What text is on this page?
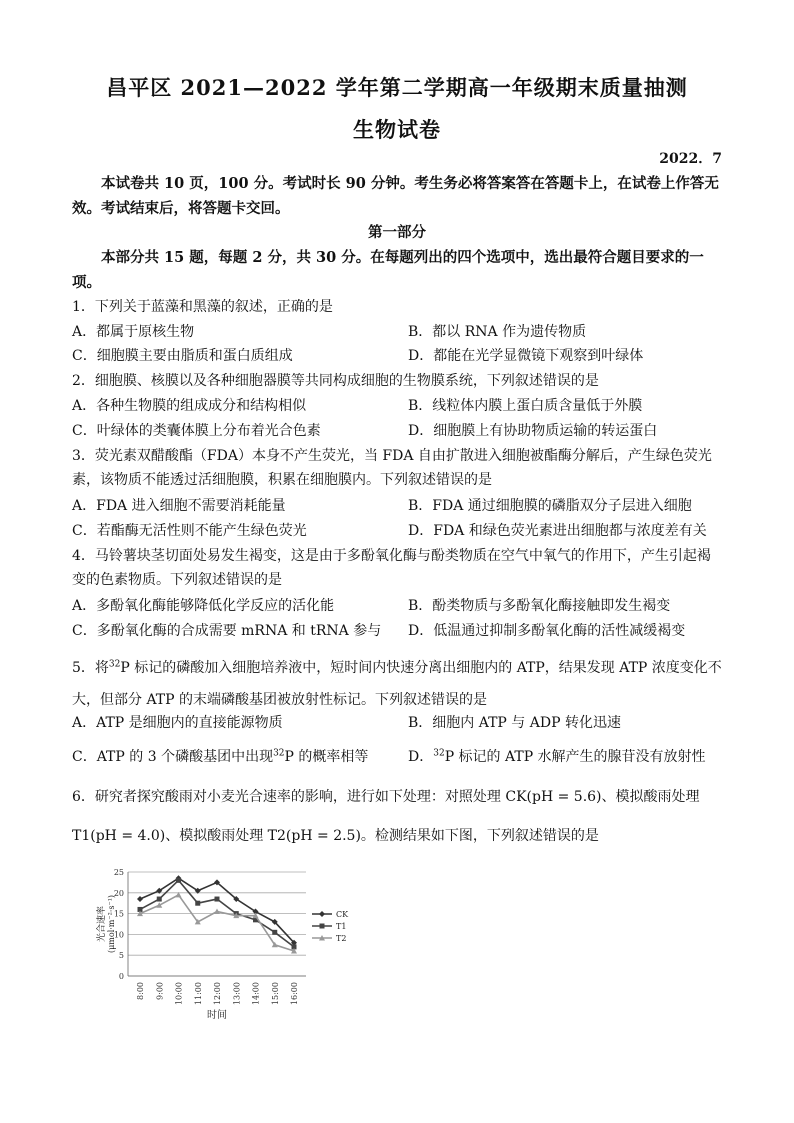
昌平区 2021—2022 学年第二学期高一年级期末质量抽测
生物试卷
2022．7
本试卷共 10 页，100 分。考试时长 90 分钟。考生务必将答案答在答题卡上，在试卷上作答无效。考试结束后，将答题卡交回。
第一部分
本部分共 15 题，每题 2 分，共 30 分。在每题列出的四个选项中，选出最符合题目要求的一项。
1．下列关于蓝藻和黑藻的叙述，正确的是
A．都属于原核生物	B．都以 RNA 作为遗传物质
C．细胞膜主要由脂质和蛋白质组成	D．都能在光学显微镜下观察到叶绿体
2．细胞膜、核膜以及各种细胞器膜等共同构成细胞的生物膜系统，下列叙述错误的是
A．各种生物膜的组成成分和结构相似	B．线粒体内膜上蛋白质含量低于外膜
C．叶绿体的类囊体膜上分布着光合色素	D．细胞膜上有协助物质运输的转运蛋白
3．荧光素双醋酸酯（FDA）本身不产生荧光，当 FDA 自由扩散进入细胞被酯酶分解后，产生绿色荧光素，该物质不能透过活细胞膜，积累在细胞膜内。下列叙述错误的是
A．FDA 进入细胞不需要消耗能量	B．FDA 通过细胞膜的磷脂双分子层进入细胞
C．若酯酶无活性则不能产生绿色荧光	D．FDA 和绿色荧光素进出细胞都与浓度差有关
4．马铃薯块茎切面处易发生褐变，这是由于多酚氧化酶与酚类物质在空气中氧气的作用下，产生引起褐变的色素物质。下列叙述错误的是
A．多酚氧化酶能够降低化学反应的活化能	B．酚类物质与多酚氧化酶接触即发生褐变
C．多酚氧化酶的合成需要 mRNA 和 tRNA 参与 D．低温通过抑制多酚氧化酶的活性减缓褐变
5．将$^{32}$P 标记的磷酸加入细胞培养液中，短时间内快速分离出细胞内的 ATP，结果发现 ATP 浓度变化不大，但部分 ATP 的末端磷酸基团被放射性标记。下列叙述错误的是
A．ATP 是细胞内的直接能源物质	B．细胞内 ATP 与 ADP 转化迅速
C．ATP 的 3 个磷酸基团中出现$^{32}$P 的概率相等	D．$^{32}$P 标记的 ATP 水解产生的腺苷没有放射性
6．研究者探究酸雨对小麦光合速率的影响，进行如下处理：对照处理 CK(pH = 5.6)、模拟酸雨处理
T1(pH = 4.0)、模拟酸雨处理 T2(pH = 2.5)。检测结果如下图，下列叙述错误的是
0
5
10
15
20
25
8:00 9:00 10:00 11:00 12:00 13:00 14:00 15:00 16:00
时间
光合速率 (μmol·m⁻²·s⁻¹)	CK
T1
T2
